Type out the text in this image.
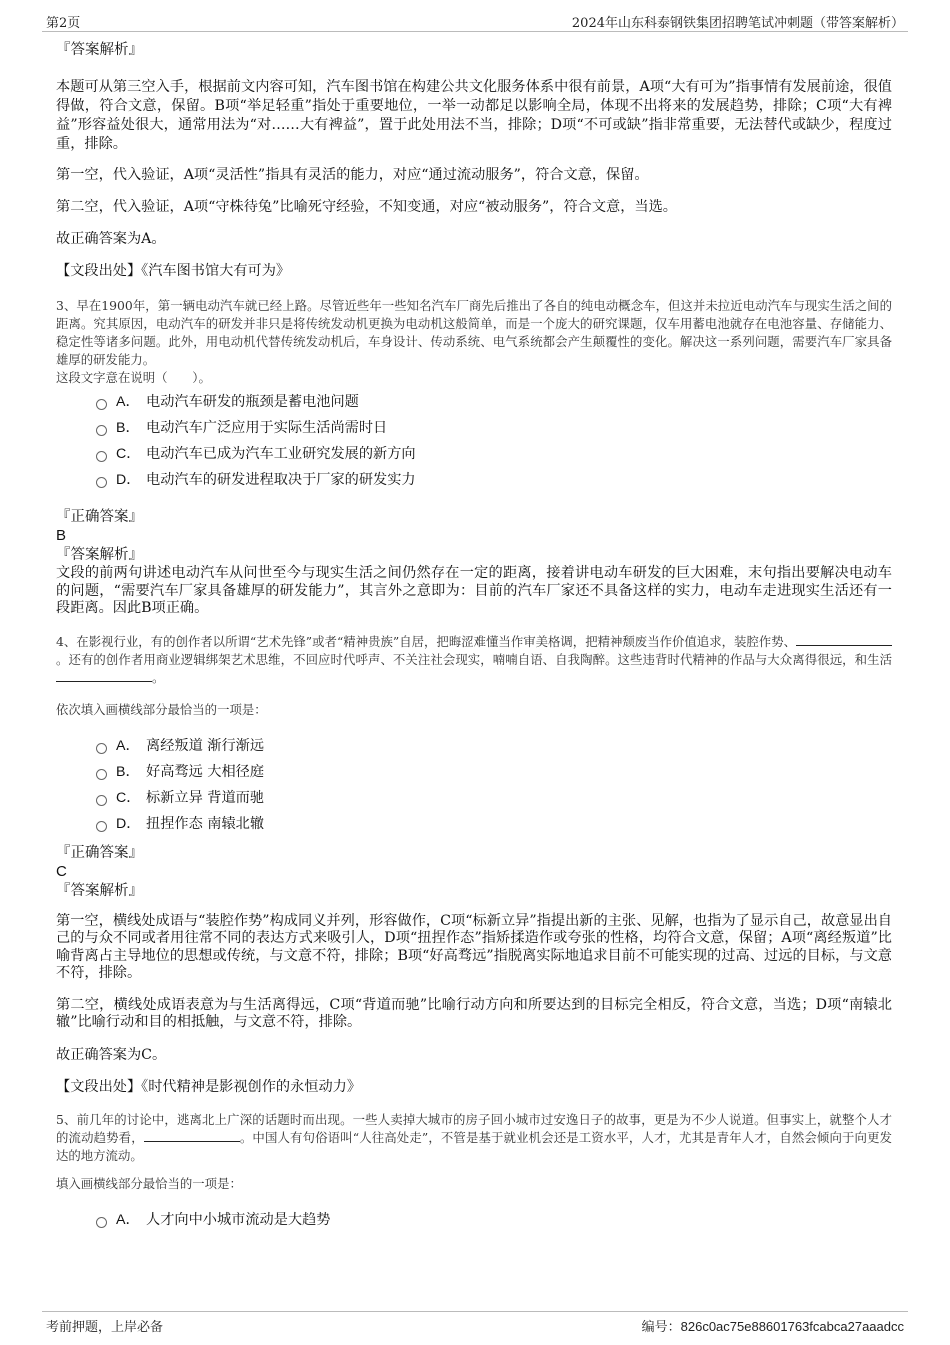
第2页	2024年山东科泰钢铁集团招聘笔试冲刺题（带答案解析）

『答案解析』

本题可从第三空入手，根据前文内容可知，汽车图书馆在构建公共文化服务体系中很有前景，A项“大有可为”指事情有发展前途，很值得做，符合文意，保留。B项“举足轻重”指处于重要地位，一举一动都足以影响全局，体现不出将来的发展趋势，排除；C项“大有裨益”形容益处很大，通常用法为“对……大有裨益”，置于此处用法不当，排除；D项“不可或缺”指非常重要，无法替代或缺少，程度过重，排除。

第一空，代入验证，A项“灵活性”指具有灵活的能力，对应“通过流动服务”，符合文意，保留。

第二空，代入验证，A项“守株待兔”比喻死守经验，不知变通，对应“被动服务”，符合文意，当选。

故正确答案为A。

【文段出处】《汽车图书馆大有可为》

3、早在1900年，第一辆电动汽车就已经上路。尽管近些年一些知名汽车厂商先后推出了各自的纯电动概念车，但这并未拉近电动汽车与现实生活之间的距离。究其原因，电动汽车的研发并非只是将传统发动机更换为电动机这般简单，而是一个庞大的研究课题，仅车用蓄电池就存在电池容量、存储能力、稳定性等诸多问题。此外，用电动机代替传统发动机后，车身设计、传动系统、电气系统都会产生颠覆性的变化。解决这一系列问题，需要汽车厂家具备雄厚的研发能力。

这段文字意在说明（　　）。

A． 电动汽车研发的瓶颈是蓄电池问题
B． 电动汽车广泛应用于实际生活尚需时日
C． 电动汽车已成为汽车工业研究发展的新方向
D． 电动汽车的研发进程取决于厂家的研发实力

『正确答案』

B

『答案解析』

文段的前两句讲述电动汽车从问世至今与现实生活之间仍然存在一定的距离，接着讲电动车研发的巨大困难，末句指出要解决电动车的问题，“需要汽车厂家具备雄厚的研发能力”，其言外之意即为：目前的汽车厂家还不具备这样的实力，电动车走进现实生活还有一段距离。因此B项正确。

4、在影视行业，有的创作者以所谓“艺术先锋”或者“精神贵族”自居，把晦涩难懂当作审美格调，把精神颓废当作价值追求，装腔作势、。还有的创作者用商业逻辑绑架艺术思维，不回应时代呼声、不关注社会现实，喃喃自语、自我陶醉。这些违背时代精神的作品与大众离得很远，和生活 。

依次填入画横线部分最恰当的一项是：

A． 离经叛道 渐行渐远
B． 好高骛远 大相径庭
C． 标新立异 背道而驰
D． 扭捏作态 南辕北辙

『正确答案』

C

『答案解析』

第一空，横线处成语与“装腔作势”构成同义并列，形容做作，C项“标新立异”指提出新的主张、见解，也指为了显示自己，故意显出自己的与众不同或者用往常不同的表达方式来吸引人，D项“扭捏作态”指矫揉造作或夸张的性格，均符合文意，保留；A项“离经叛道”比喻背离占主导地位的思想或传统，与文意不符，排除；B项“好高骛远”指脱离实际地追求目前不可能实现的过高、过远的目标，与文意不符，排除。

第二空，横线处成语表意为与生活离得远，C项“背道而驰”比喻行动方向和所要达到的目标完全相反，符合文意，当选；D项“南辕北辙”比喻行动和目的相抵触，与文意不符，排除。

故正确答案为C。

【文段出处】《时代精神是影视创作的永恒动力》

5、前几年的讨论中，逃离北上广深的话题时而出现。一些人卖掉大城市的房子回小城市过安逸日子的故事，更是为不少人说道。但事实上，就整个人才的流动趋势看，	。中国人有句俗语叫“人往高处走”，不管是基于就业机会还是工资水平，人才，尤其是青年人才，自然会倾向于向更发达的地方流动。

填入画横线部分最恰当的一项是：

A． 人才向中小城市流动是大趋势
考前押题，上岸必备	编号：826c0ac75e88601763fcabca27aaadcc
